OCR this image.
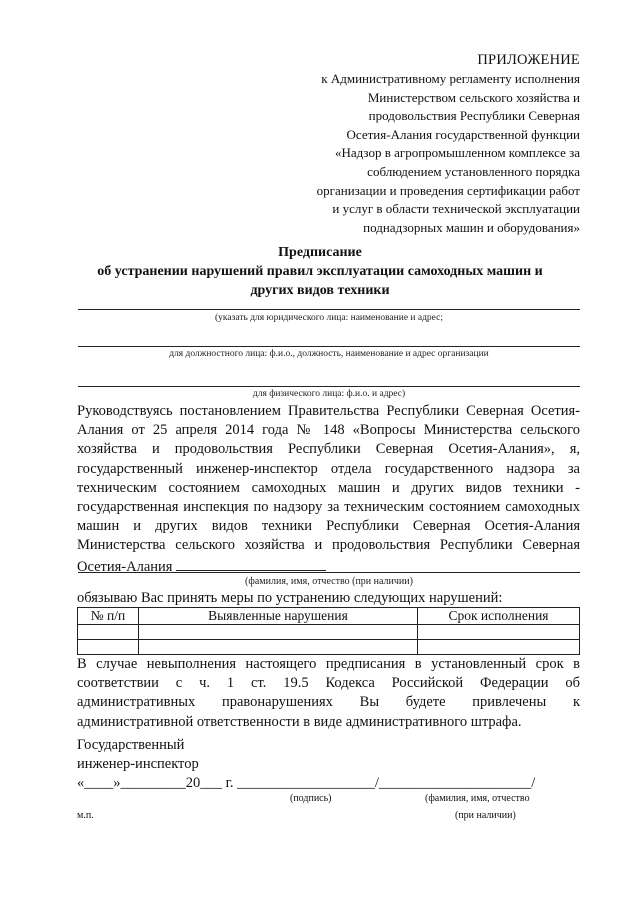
ПРИЛОЖЕНИЕ
к Административному регламенту исполнения
Министерством сельского хозяйства и
продовольствия Республики Северная
Осетия-Алания государственной функции
«Надзор в агропромышленном комплексе за
соблюдением установленного порядка
организации и проведения сертификации работ
и услуг в области технической эксплуатации
поднадзорных машин и оборудования»
Предписание
об устранении нарушений правил эксплуатации самоходных машин и
других видов техники
(указать для юридического лица: наименование и адрес;
для должностного лица: ф.и.о., должность, наименование и адрес организации
для физического лица: ф.и.о. и адрес)
Руководствуясь постановлением Правительства Республики Северная Осетия-Алания от 25 апреля 2014 года № 148 «Вопросы Министерства сельского хозяйства и продовольствия Республики Северная Осетия-Алания», я, государственный инженер-инспектор отдела государственного надзора за техническим состоянием самоходных машин и других видов техники - государственная инспекция по надзору за техническим состоянием самоходных машин и других видов техники Республики Северная Осетия-Алания Министерства сельского хозяйства и продовольствия Республики Северная Осетия-Алания
(фамилия, имя, отчество (при наличии)
обязываю Вас принять меры по устранению следующих нарушений:
№ п/п	Выявленные нарушения	Срок исполнения

В случае невыполнения настоящего предписания в установленный срок в соответствии с ч. 1 ст. 19.5 Кодекса Российской Федерации об административных правонарушениях Вы будете привлечены к административной ответственности в виде административного штрафа.
Государственный
инженер-инспектор
«____»_________20___ г. ___________________/_____________________/
(подпись)	(фамилия, имя, отчество
м.п.	(при наличии)
